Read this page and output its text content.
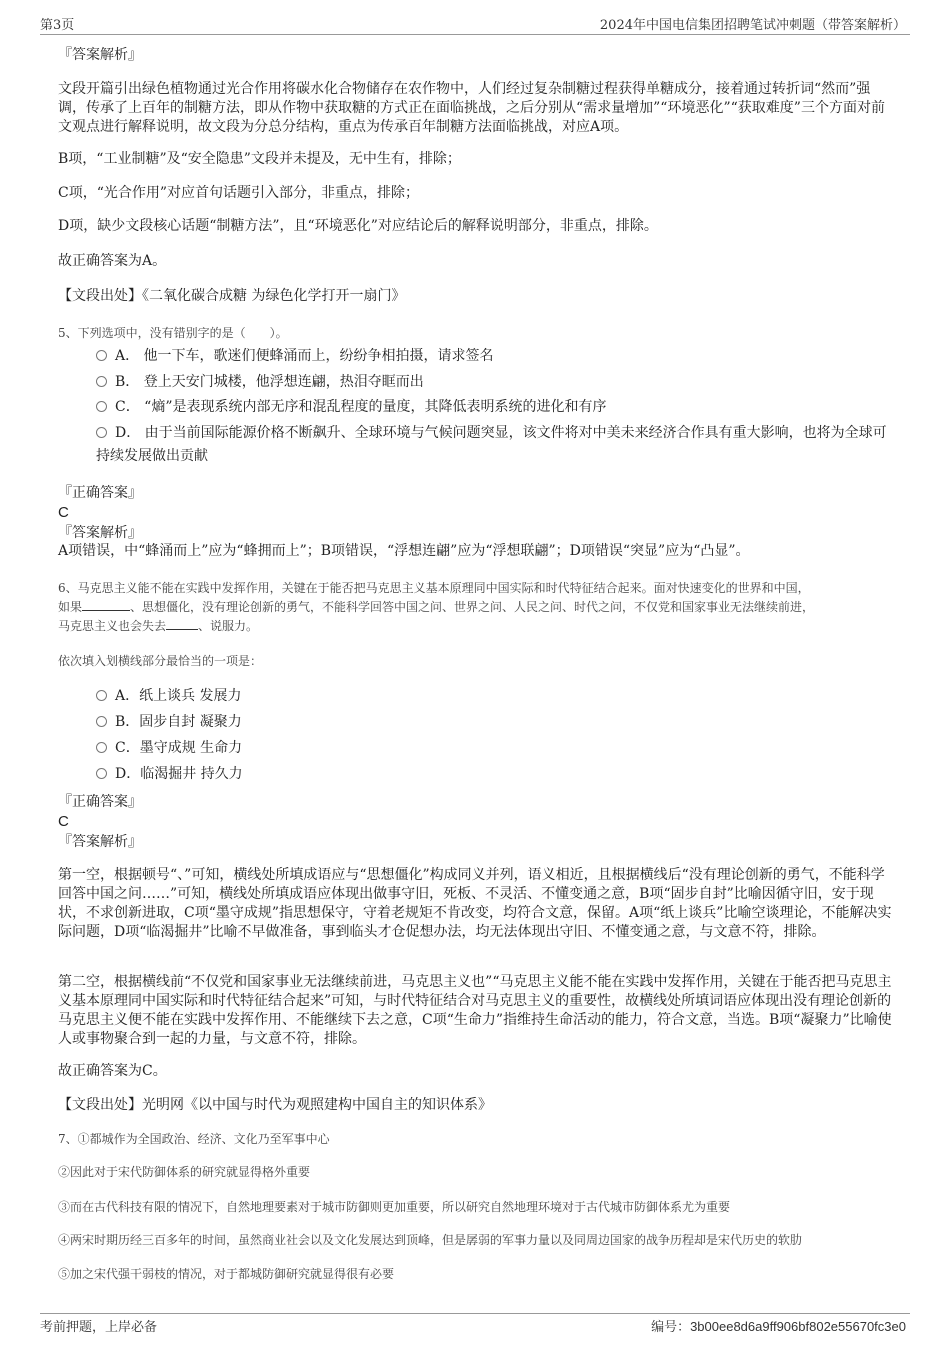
第3页	2024年中国电信集团招聘笔试冲刺题（带答案解析）
『答案解析』
文段开篇引出绿色植物通过光合作用将碳水化合物储存在农作物中，人们经过复杂制糖过程获得单糖成分，接着通过转折词“然而”强调，传承了上百年的制糖方法，即从作物中获取糖的方式正在面临挑战，之后分别从“需求量增加”“环境恶化”“获取难度”三个方面对前文观点进行解释说明，故文段为分总分结构，重点为传承百年制糖方法面临挑战，对应A项。
B项，“工业制糖”及“安全隐患”文段并未提及，无中生有，排除；
C项，“光合作用”对应首句话题引入部分，非重点，排除；
D项，缺少文段核心话题“制糖方法”，且“环境恶化”对应结论后的解释说明部分，非重点，排除。
故正确答案为A。
【文段出处】《二氧化碳合成糖 为绿色化学打开一扇门》
5、下列选项中，没有错别字的是（　　）。
A． 他一下车，歌迷们便蜂涌而上，纷纷争相拍摄，请求签名
B． 登上天安门城楼，他浮想连翩，热泪夺眶而出
C． “熵”是表现系统内部无序和混乱程度的量度，其降低表明系统的进化和有序
D． 由于当前国际能源价格不断飙升、全球环境与气候问题突显，该文件将对中美未来经济合作具有重大影响，也将为全球可持续发展做出贡献
『正确答案』
C
『答案解析』
A项错误，中“蜂涌而上”应为“蜂拥而上”；B项错误，“浮想连翩”应为“浮想联翩”；D项错误“突显”应为“凸显”。
6、马克思主义能不能在实践中发挥作用，关键在于能否把马克思主义基本原理同中国实际和时代特征结合起来。面对快速变化的世界和中国，
如果	、思想僵化，没有理论创新的勇气，不能科学回答中国之问、世界之问、人民之问、时代之问，不仅党和国家事业无法继续前进，
马克思主义也会失去	、说服力。
依次填入划横线部分最恰当的一项是：
A．纸上谈兵 发展力
B．固步自封 凝聚力
C．墨守成规 生命力
D．临渴掘井 持久力
『正确答案』
C
『答案解析』
第一空，根据顿号“、”可知，横线处所填成语应与“思想僵化”构成同义并列，语义相近，且根据横线后“没有理论创新的勇气，不能科学回答中国之问……”可知，横线处所填成语应体现出做事守旧，死板、不灵活、不懂变通之意，B项“固步自封”比喻因循守旧，安于现状，不求创新进取，C项“墨守成规”指思想保守，守着老规矩不肯改变，均符合文意，保留。A项“纸上谈兵”比喻空谈理论，不能解决实际问题，D项“临渴掘井”比喻不早做准备，事到临头才仓促想办法，均无法体现出守旧、不懂变通之意，与文意不符，排除。
第二空，根据横线前“不仅党和国家事业无法继续前进，马克思主义也”“马克思主义能不能在实践中发挥作用，关键在于能否把马克思主义基本原理同中国实际和时代特征结合起来”可知，与时代特征结合对马克思主义的重要性，故横线处所填词语应体现出没有理论创新的马克思主义便不能在实践中发挥作用、不能继续下去之意，C项“生命力”指维持生命活动的能力，符合文意，当选。B项“凝聚力”比喻使人或事物聚合到一起的力量，与文意不符，排除。
故正确答案为C。
【文段出处】光明网《以中国与时代为观照建构中国自主的知识体系》
7、①都城作为全国政治、经济、文化乃至军事中心
②因此对于宋代防御体系的研究就显得格外重要
③而在古代科技有限的情况下，自然地理要素对于城市防御则更加重要，所以研究自然地理环境对于古代城市防御体系尤为重要
④两宋时期历经三百多年的时间，虽然商业社会以及文化发展达到顶峰，但是孱弱的军事力量以及同周边国家的战争历程却是宋代历史的软肋
⑤加之宋代强干弱枝的情况，对于都城防御研究就显得很有必要
考前押题，上岸必备	编号：3b00ee8d6a9ff906bf802e55670fc3e0
